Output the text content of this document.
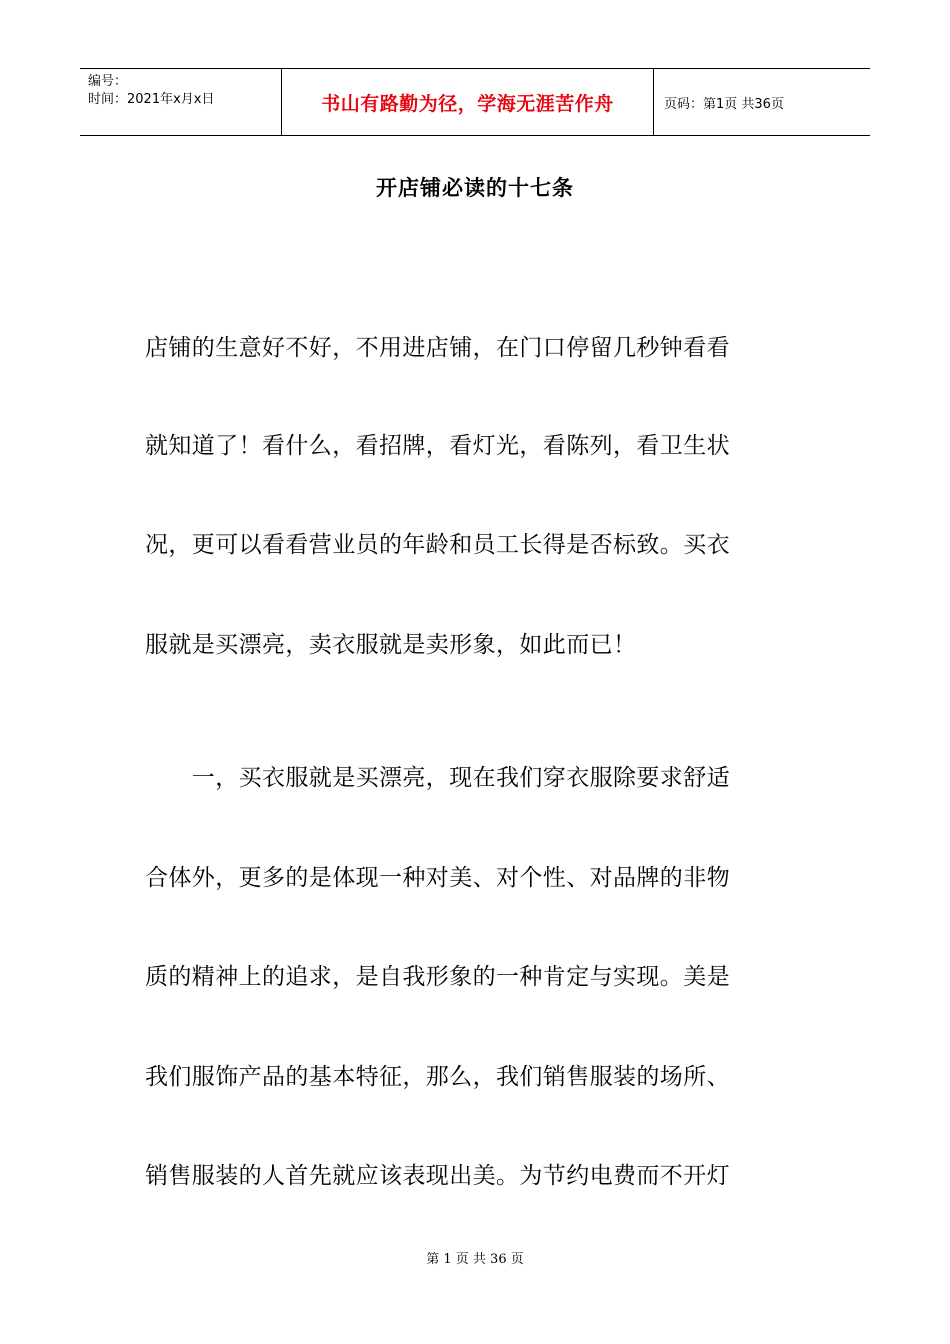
编号：
时间：2021年x月x日	书山有路勤为径，学海无涯苦作舟	页码：第1页 共36页
开店铺必读的十七条
店铺的生意好不好，不用进店铺，在门口停留几秒钟看看
就知道了！看什么，看招牌，看灯光，看陈列，看卫生状
况，更可以看看营业员的年龄和员工长得是否标致。买衣
服就是买漂亮，卖衣服就是卖形象，如此而已！
　　一，买衣服就是买漂亮，现在我们穿衣服除要求舒适
合体外，更多的是体现一种对美、对个性、对品牌的非物
质的精神上的追求，是自我形象的一种肯定与实现。美是
我们服饰产品的基本特征，那么，我们销售服装的场所、
销售服装的人首先就应该表现出美。为节约电费而不开灯
第 1 页 共 36 页
